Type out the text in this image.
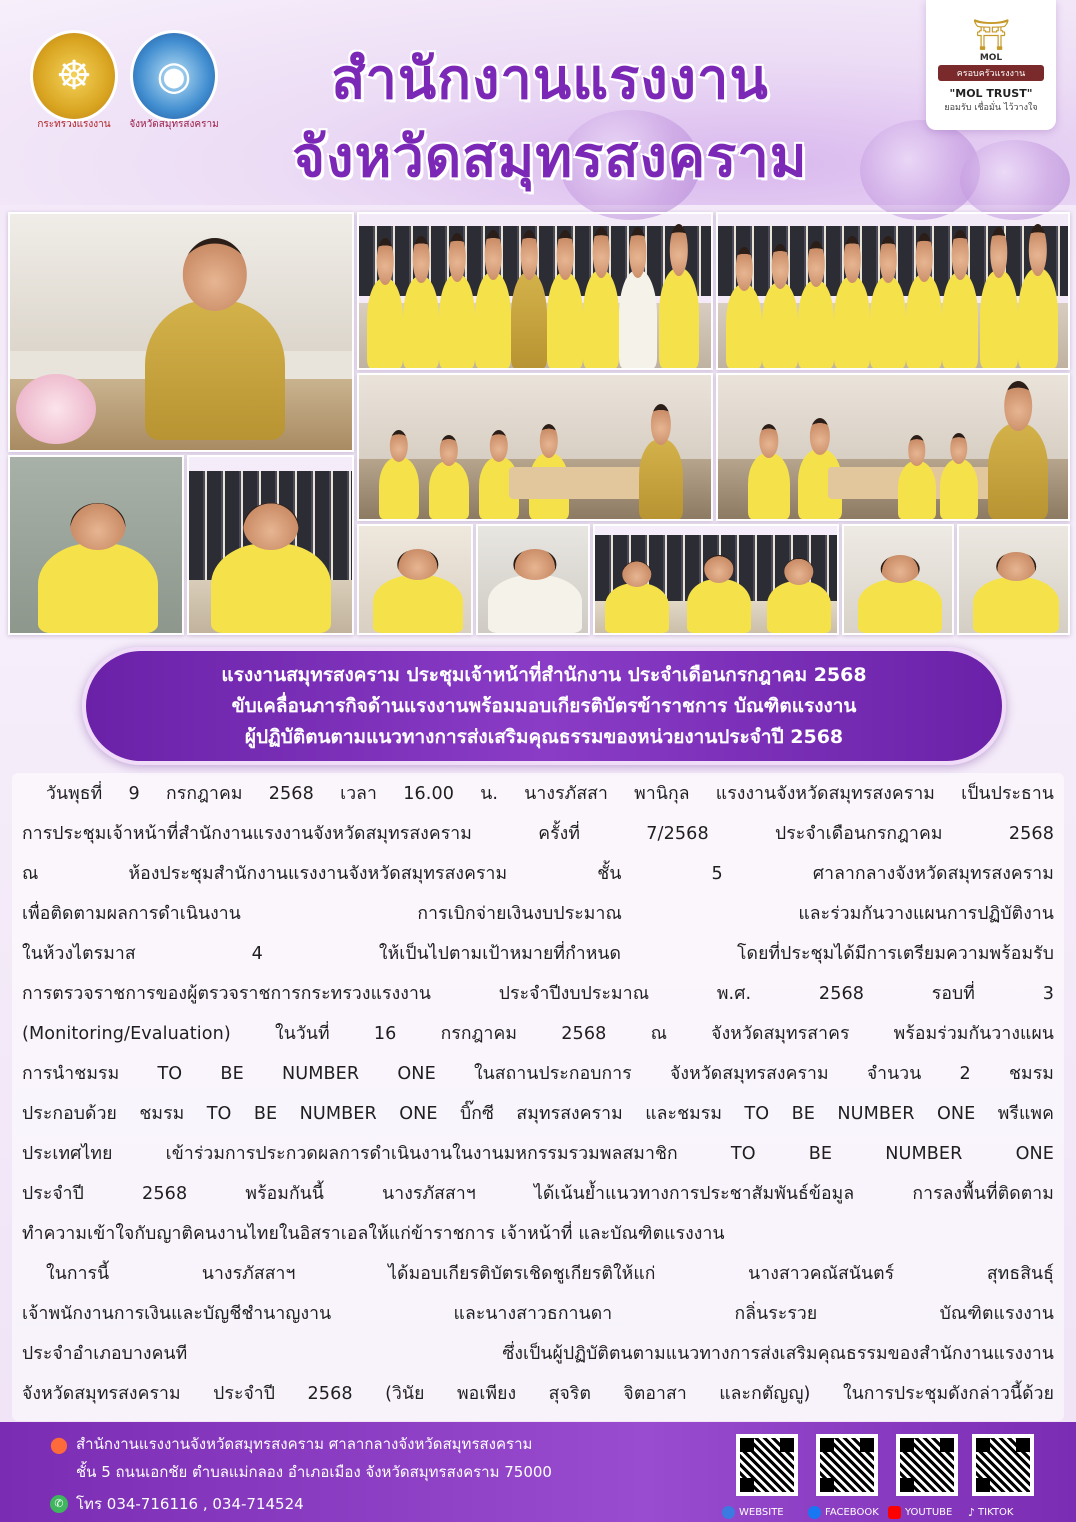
☸
กระทรวงแรงงาน
◉
จังหวัดสมุทรสงคราม
สำนักงานแรงงาน
จังหวัดสมุทรสงคราม
⛩
MOL
ครอบครัวแรงงาน
"MOL TRUST"
ยอมรับ เชื่อมั่น ไว้วางใจ
แรงงานสมุทรสงคราม ประชุมเจ้าหน้าที่สำนักงาน ประจำเดือนกรกฎาคม 2568
ขับเคลื่อนภารกิจด้านแรงงานพร้อมมอบเกียรติบัตรข้าราชการ บัณฑิตแรงงาน
ผู้ปฏิบัติตนตามแนวทางการส่งเสริมคุณธรรมของหน่วยงานประจำปี 2568
วันพุธที่ 9 กรกฎาคม 2568 เวลา 16.00 น. นางรภัสสา พานิกุล แรงงานจังหวัดสมุทรสงคราม เป็นประธาน
การประชุมเจ้าหน้าที่สำนักงานแรงงานจังหวัดสมุทรสงคราม ครั้งที่ 7/2568 ประจำเดือนกรกฎาคม 2568
ณ ห้องประชุมสำนักงานแรงงานจังหวัดสมุทรสงคราม ชั้น 5 ศาลากลางจังหวัดสมุทรสงคราม
เพื่อติดตามผลการดำเนินงาน การเบิกจ่ายเงินงบประมาณ และร่วมกันวางแผนการปฏิบัติงาน
ในห้วงไตรมาส 4 ให้เป็นไปตามเป้าหมายที่กำหนด โดยที่ประชุมได้มีการเตรียมความพร้อมรับ
การตรวจราชการของผู้ตรวจราชการกระทรวงแรงงาน ประจำปีงบประมาณ พ.ศ. 2568 รอบที่ 3
(Monitoring/Evaluation) ในวันที่ 16 กรกฎาคม 2568 ณ จังหวัดสมุทรสาคร พร้อมร่วมกันวางแผน
การนำชมรม TO BE NUMBER ONE ในสถานประกอบการ จังหวัดสมุทรสงคราม จำนวน 2 ชมรม
ประกอบด้วย ชมรม TO BE NUMBER ONE บิ๊กซี สมุทรสงคราม และชมรม TO BE NUMBER ONE พรีแพค
ประเทศไทย เข้าร่วมการประกวดผลการดำเนินงานในงานมหกรรมรวมพลสมาชิก TO BE NUMBER ONE
ประจำปี 2568 พร้อมกันนี้ นางรภัสสาฯ ได้เน้นย้ำแนวทางการประชาสัมพันธ์ข้อมูล การลงพื้นที่ติดตาม
ทำความเข้าใจกับญาติคนงานไทยในอิสราเอลให้แก่ข้าราชการ เจ้าหน้าที่ และบัณฑิตแรงงาน
ในการนี้ นางรภัสสาฯ ได้มอบเกียรติบัตรเชิดชูเกียรติให้แก่ นางสาวคณัสนันตร์ สุทธสินธุ์
เจ้าพนักงานการเงินและบัญชีชำนาญงาน และนางสาวธกานดา กลิ่นระรวย บัณฑิตแรงงาน
ประจำอำเภอบางคนที ซึ่งเป็นผู้ปฏิบัติตนตามแนวทางการส่งเสริมคุณธรรมของสำนักงานแรงงาน
จังหวัดสมุทรสงคราม ประจำปี 2568 (วินัย พอเพียง สุจริต จิตอาสา และกตัญญู) ในการประชุมดังกล่าวนี้ด้วย
⬤ สำนักงานแรงงานจังหวัดสมุทรสงคราม ศาลากลางจังหวัดสมุทรสงคราม
ชั้น 5 ถนนเอกชัย ตำบลแม่กลอง อำเภอเมือง จังหวัดสมุทรสงคราม 75000
✆ โทร 034-716116 , 034-714524	WEBSITE	FACEBOOK	YOUTUBE ♪ TIKTOK
